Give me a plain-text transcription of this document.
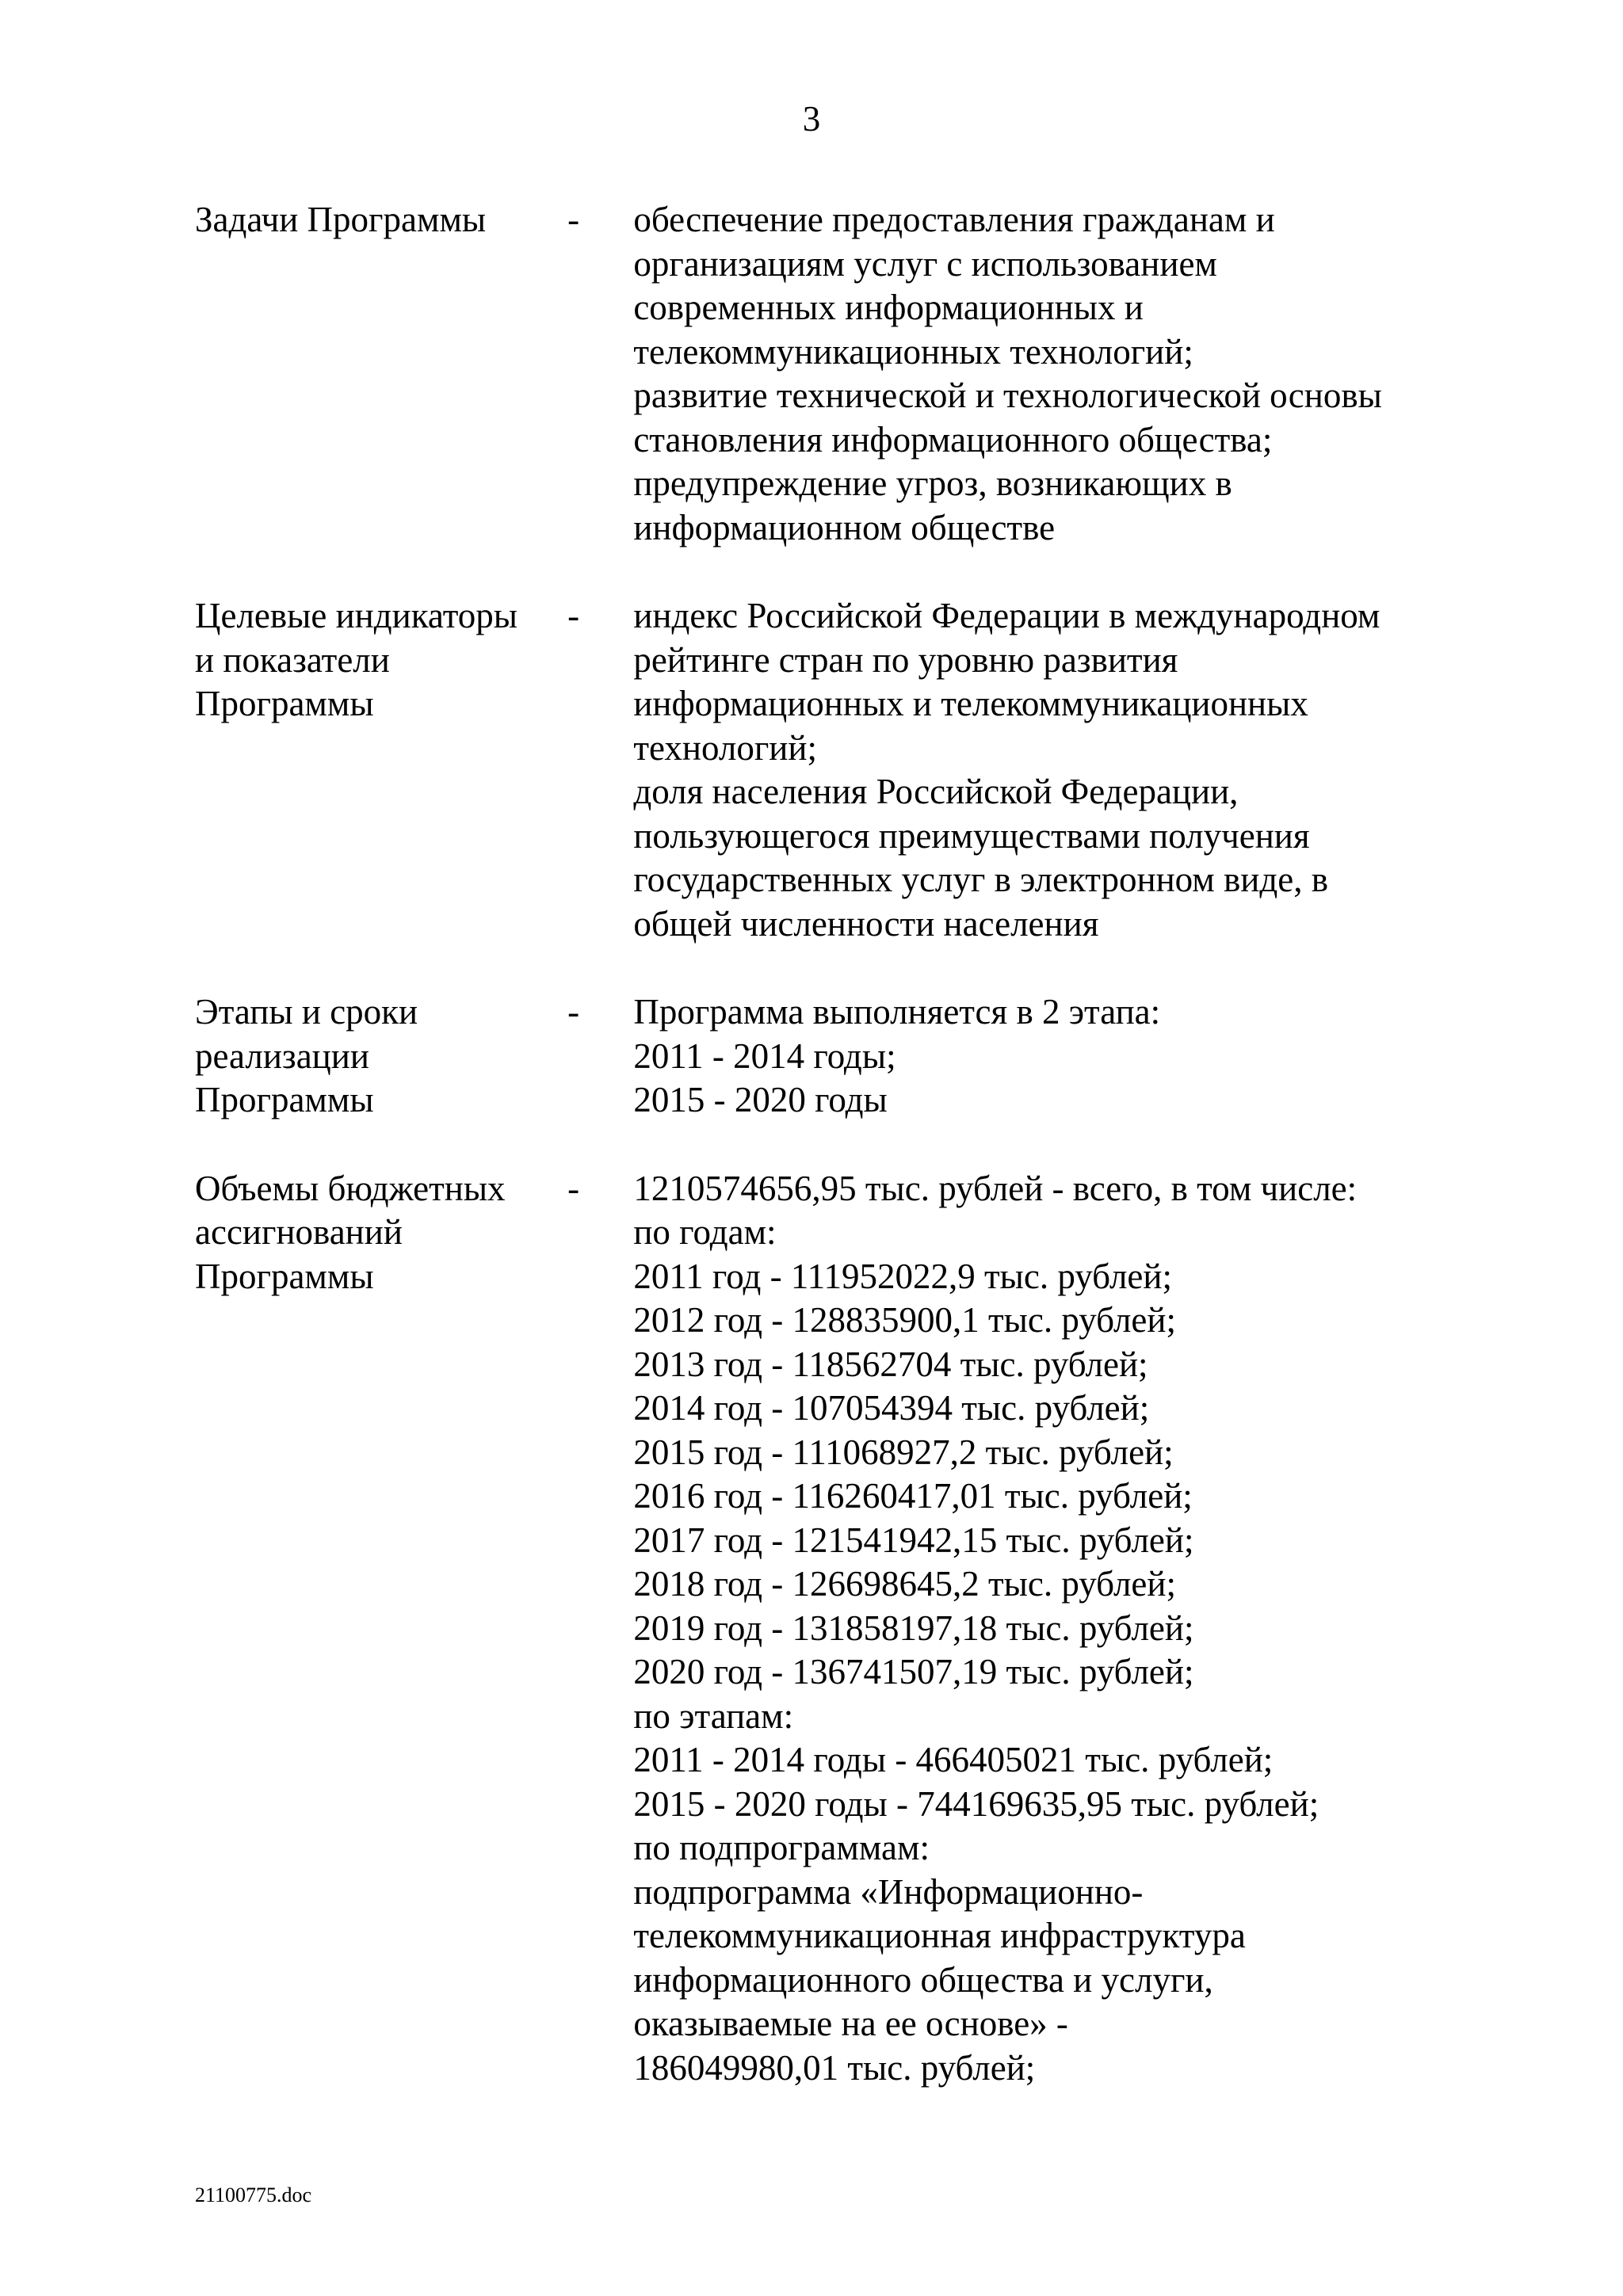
3
Задачи Программы	-	обеспечение предоставления гражданам и
организациям услуг с использованием
современных информационных и
телекоммуникационных технологий;
развитие технической и технологической основы
становления информационного общества;
предупреждение угроз, возникающих в
информационном обществе
Целевые индикаторы
и показатели
Программы
-	индекс Российской Федерации в международном
рейтинге стран по уровню развития
информационных и телекоммуникационных
технологий;
доля населения Российской Федерации,
пользующегося преимуществами получения
государственных услуг в электронном виде, в
общей численности населения
Этапы и сроки
реализации
Программы
-	Программа выполняется в 2 этапа:
2011 - 2014 годы;
2015 - 2020 годы
Объемы бюджетных
ассигнований
Программы
-	1210574656,95 тыс. рублей - всего, в том числе:
по годам:
2011 год - 111952022,9 тыс. рублей;
2012 год - 128835900,1 тыс. рублей;
2013 год - 118562704 тыс. рублей;
2014 год - 107054394 тыс. рублей;
2015 год - 111068927,2 тыс. рублей;
2016 год - 116260417,01 тыс. рублей;
2017 год - 121541942,15 тыс. рублей;
2018 год - 126698645,2 тыс. рублей;
2019 год - 131858197,18 тыс. рублей;
2020 год - 136741507,19 тыс. рублей;
по этапам:
2011 - 2014 годы - 466405021 тыс. рублей;
2015 - 2020 годы - 744169635,95 тыс. рублей;
по подпрограммам:
подпрограмма «Информационно-
телекоммуникационная инфраструктура
информационного общества и услуги,
оказываемые на ее основе» -
186049980,01 тыс. рублей;
21100775.doc
